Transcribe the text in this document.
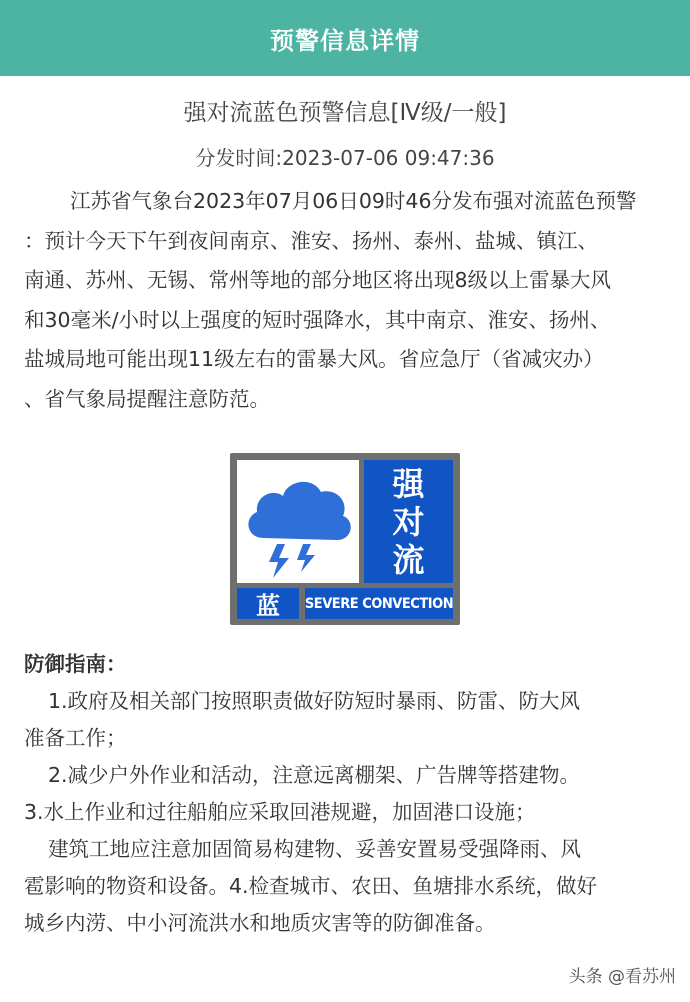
预警信息详情
强对流蓝色预警信息[Ⅳ级/一般]
分发时间:2023-07-06 09:47:36
江苏省气象台2023年07月06日09时46分发布强对流蓝色预警
：预计今天下午到夜间南京、淮安、扬州、泰州、盐城、镇江、
南通、苏州、无锡、常州等地的部分地区将出现8级以上雷暴大风
和30毫米/小时以上强度的短时强降水，其中南京、淮安、扬州、
盐城局地可能出现11级左右的雷暴大风。省应急厅（省减灾办）
、省气象局提醒注意防范。
强
对
流
蓝	SEVERE CONVECTION
防御指南：
1.政府及相关部门按照职责做好防短时暴雨、防雷、防大风
准备工作；
2.减少户外作业和活动，注意远离棚架、广告牌等搭建物。
3.水上作业和过往船舶应采取回港规避，加固港口设施；
建筑工地应注意加固简易构建物、妥善安置易受强降雨、风
雹影响的物资和设备。4.检查城市、农田、鱼塘排水系统，做好
城乡内涝、中小河流洪水和地质灾害等的防御准备。
头条 @看苏州
